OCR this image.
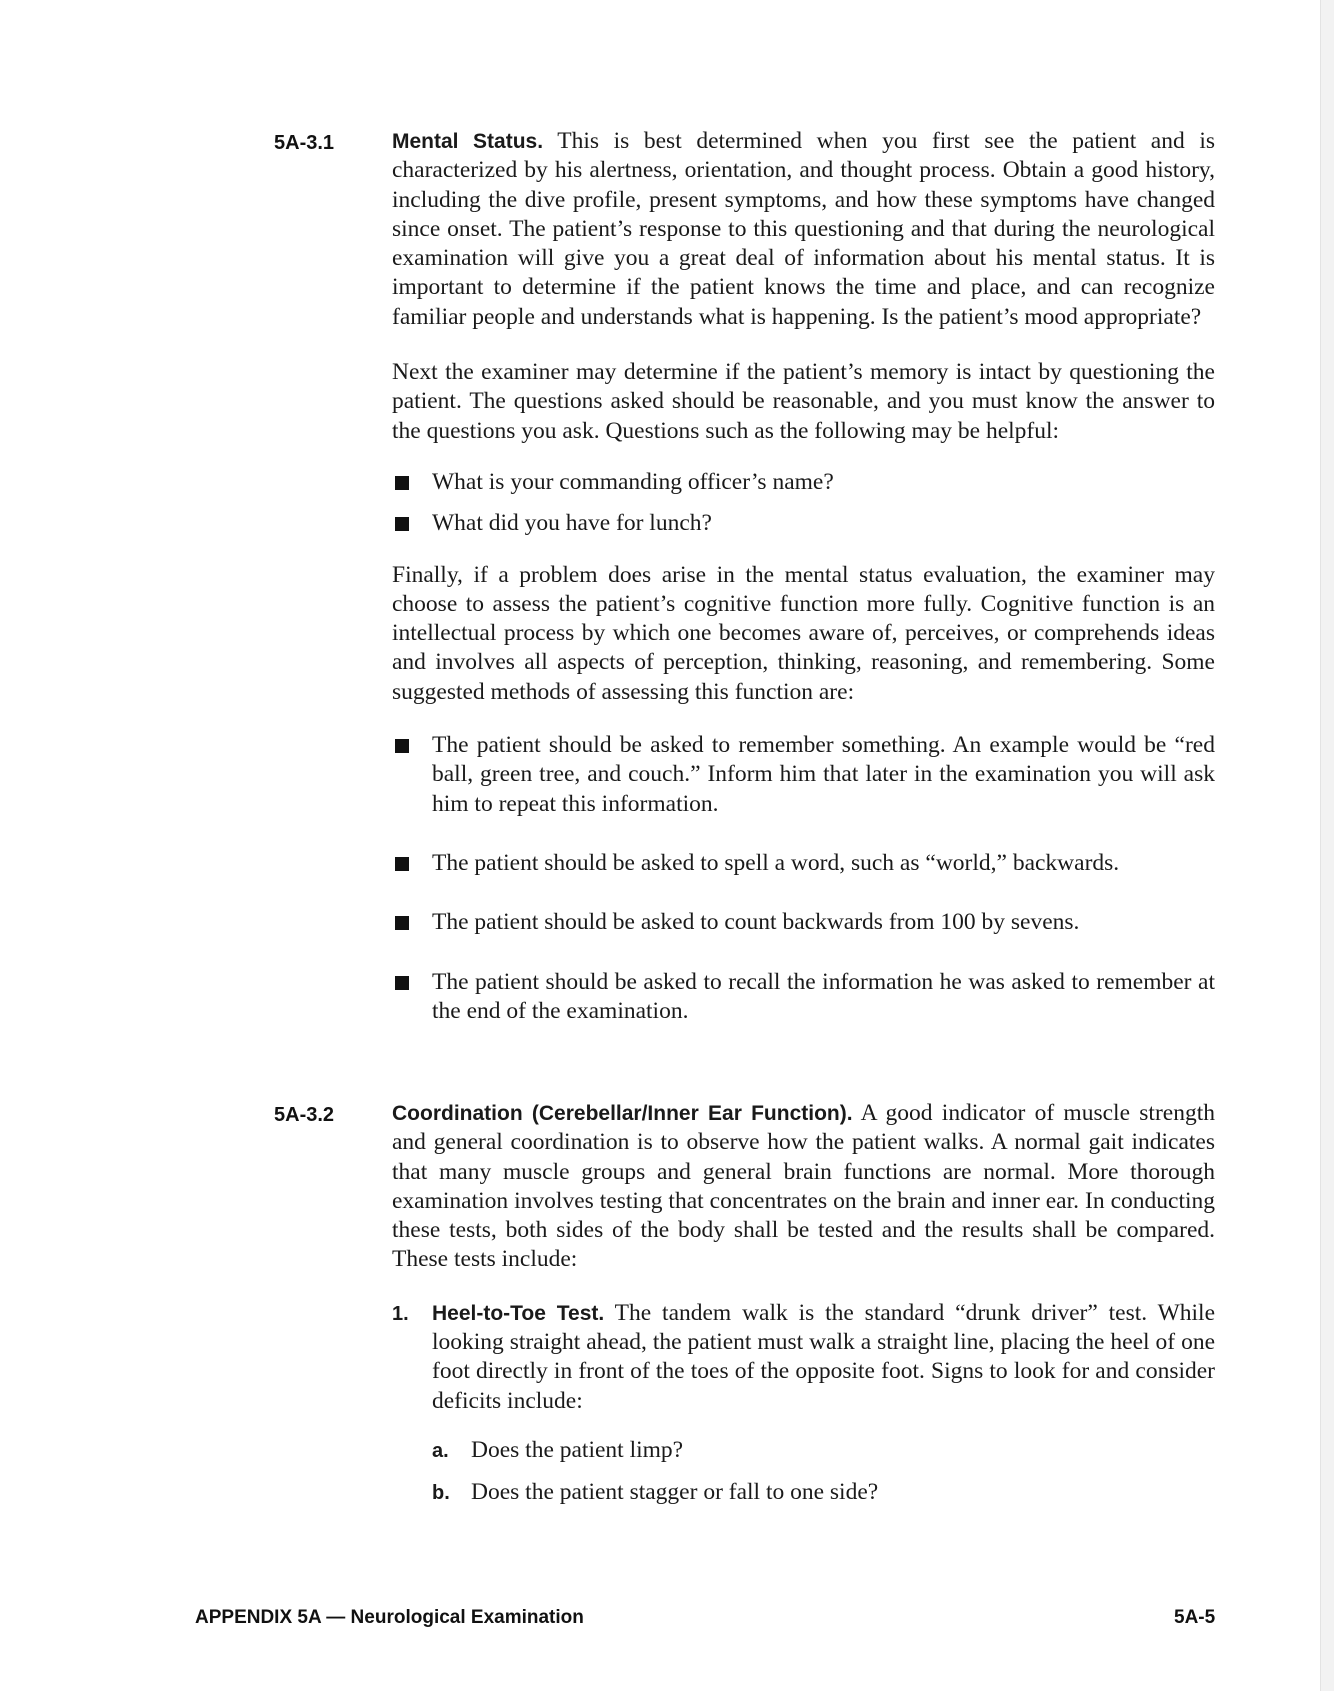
5A-3.1	Mental Status. This is best determined when you first see the patient and is characterized by his alertness, orientation, and thought process. Obtain a good history, including the dive profile, present symptoms, and how these symptoms have changed since onset. The patient’s response to this questioning and that during the neurological examination will give you a great deal of information about his mental status. It is important to determine if the patient knows the time and place, and can recognize familiar people and understands what is happening. Is the patient’s mood appropriate?

Next the examiner may determine if the patient’s memory is intact by questioning the patient. The questions asked should be reasonable, and you must know the answer to the questions you ask. Questions such as the following may be helpful:

What is your commanding officer’s name?
What did you have for lunch?

Finally, if a problem does arise in the mental status evaluation, the examiner may choose to assess the patient’s cognitive function more fully. Cognitive function is an intellectual process by which one becomes aware of, perceives, or comprehends ideas and involves all aspects of perception, thinking, reasoning, and remembering. Some suggested methods of assessing this function are:

The patient should be asked to remember something. An example would be “red ball, green tree, and couch.” Inform him that later in the examination you will ask him to repeat this information.
The patient should be asked to spell a word, such as “world,” backwards.
The patient should be asked to count backwards from 100 by sevens.
The patient should be asked to recall the information he was asked to remember at the end of the examination.
5A-3.2	Coordination (Cerebellar/Inner Ear Function). A good indicator of muscle strength and general coordination is to observe how the patient walks. A normal gait indicates that many muscle groups and general brain functions are normal. More thorough examination involves testing that concentrates on the brain and inner ear. In conducting these tests, both sides of the body shall be tested and the results shall be compared. These tests include:

1. Heel-to-Toe Test. The tandem walk is the standard “drunk driver” test. While looking straight ahead, the patient must walk a straight line, placing the heel of one foot directly in front of the toes of the opposite foot. Signs to look for and consider deficits include:
a. Does the patient limp?
b. Does the patient stagger or fall to one side?
APPENDIX 5A — Neurological Examination	5A-5
